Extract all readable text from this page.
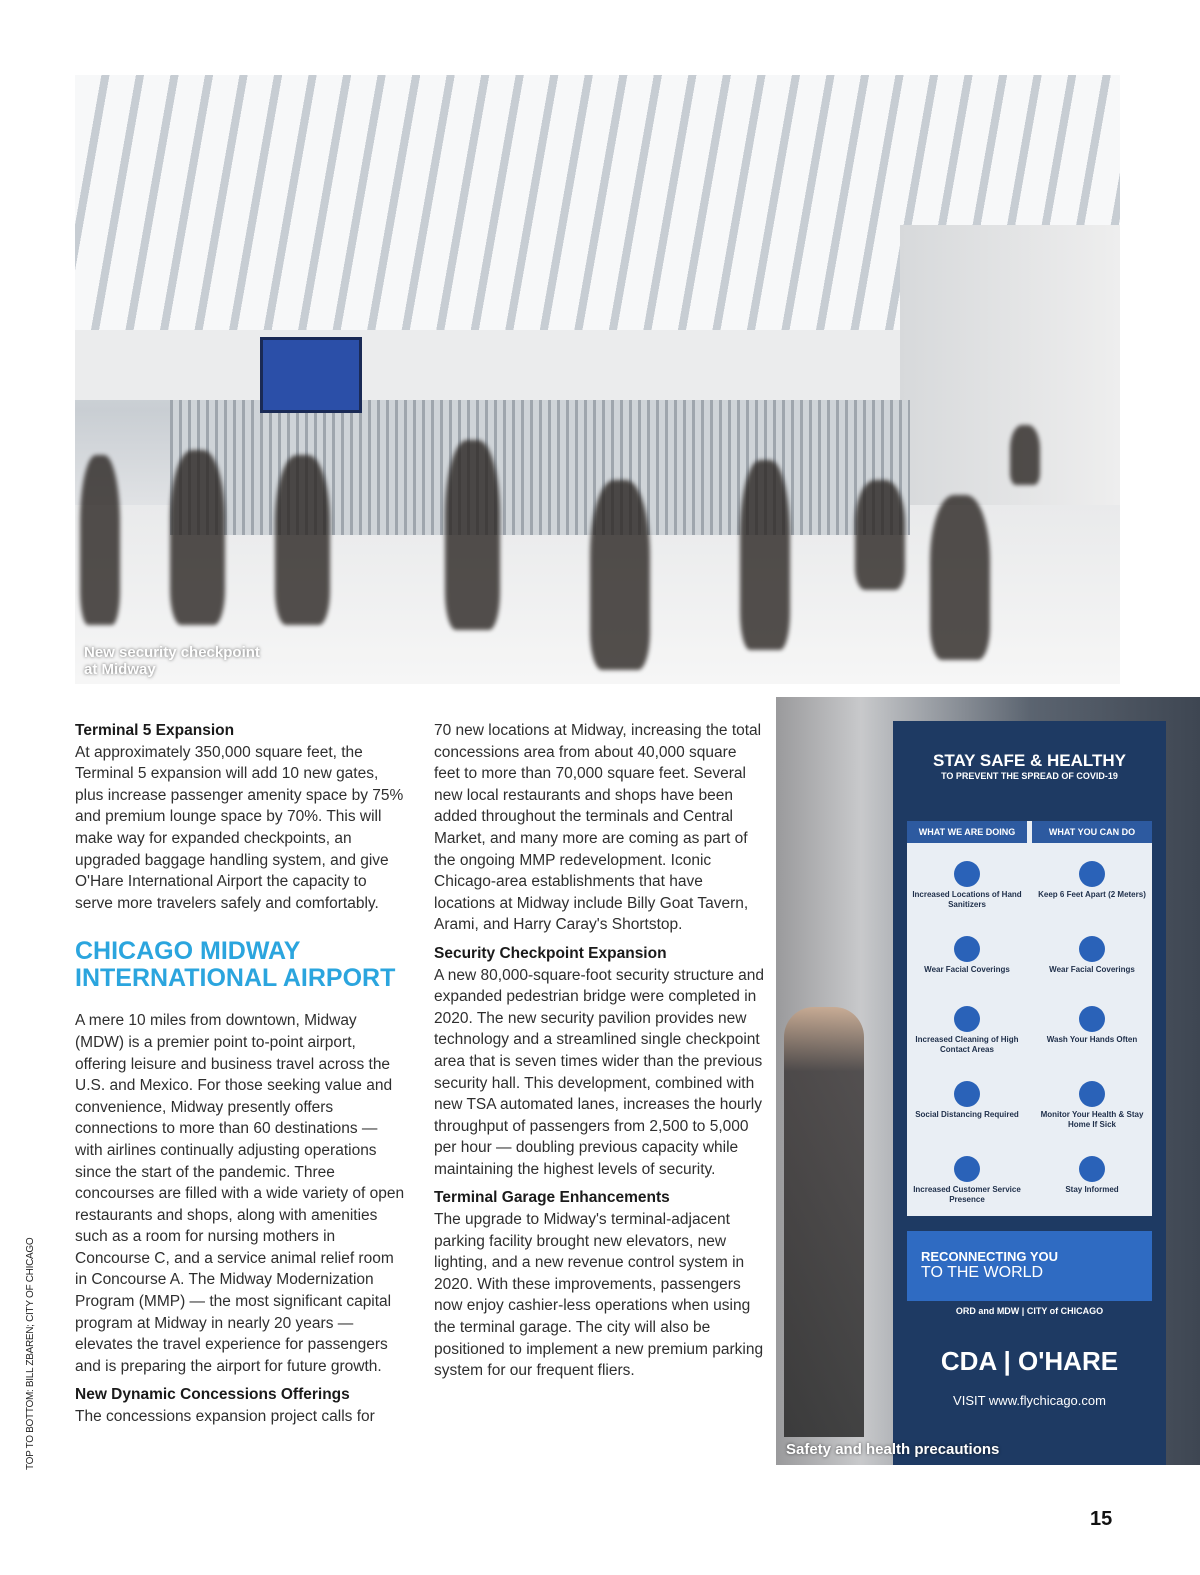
New security checkpoint
at Midway
STAY SAFE & HEALTHY
TO PREVENT THE SPREAD OF COVID-19
WHAT WE ARE DOING	WHAT YOU CAN DO
Increased Locations of Hand Sanitizers
Wear Facial Coverings
Increased Cleaning of High Contact Areas
Social Distancing Required
Increased Customer Service Presence
Keep 6 Feet Apart (2 Meters)
Wear Facial Coverings
Wash Your Hands Often
Monitor Your Health & Stay Home If Sick
Stay Informed
RECONNECTING YOU
TO THE WORLD
ORD and MDW | CITY of CHICAGO
CDA | O'HARE
VISIT www.flychicago.com
Safety and health precautions

Terminal 5 Expansion

At approximately 350,000 square feet, the Terminal 5 expansion will add 10 new gates, plus increase passenger amenity space by 75% and premium lounge space by 70%. This will make way for expanded checkpoints, an upgraded baggage handling system, and give O'Hare International Airport the capacity to serve more travelers safely and comfortably.

CHICAGO MIDWAY INTERNATIONAL AIRPORT

A mere 10 miles from downtown, Midway (MDW) is a premier point to-point airport, offering leisure and business travel across the U.S. and Mexico. For those seeking value and convenience, Midway presently offers connections to more than 60 destinations — with airlines continually adjusting operations since the start of the pandemic. Three concourses are filled with a wide variety of open restaurants and shops, along with amenities such as a room for nursing mothers in Concourse C, and a service animal relief room in Concourse A. The Midway Modernization Program (MMP) — the most significant capital program at Midway in nearly 20 years — elevates the travel experience for passengers and is preparing the airport for future growth.

New Dynamic Concessions Offerings

The concessions expansion project calls for

70 new locations at Midway, increasing the total concessions area from about 40,000 square feet to more than 70,000 square feet. Several new local restaurants and shops have been added throughout the terminals and Central Market, and many more are coming as part of the ongoing MMP redevelopment. Iconic Chicago-area establishments that have locations at Midway include Billy Goat Tavern, Arami, and Harry Caray's Shortstop.

Security Checkpoint Expansion

A new 80,000-square-foot security structure and expanded pedestrian bridge were completed in 2020. The new security pavilion provides new technology and a streamlined single checkpoint area that is seven times wider than the previous security hall. This development, combined with new TSA automated lanes, increases the hourly throughput of passengers from 2,500 to 5,000 per hour — doubling previous capacity while maintaining the highest levels of security.

Terminal Garage Enhancements

The upgrade to Midway's terminal-adjacent parking facility brought new elevators, new lighting, and a new revenue control system in 2020. With these improvements, passengers now enjoy cashier-less operations when using the terminal garage. The city will also be positioned to implement a new premium parking system for our frequent fliers.

TOP TO BOTTOM: BILL ZBAREN; CITY OF CHICAGO
15
